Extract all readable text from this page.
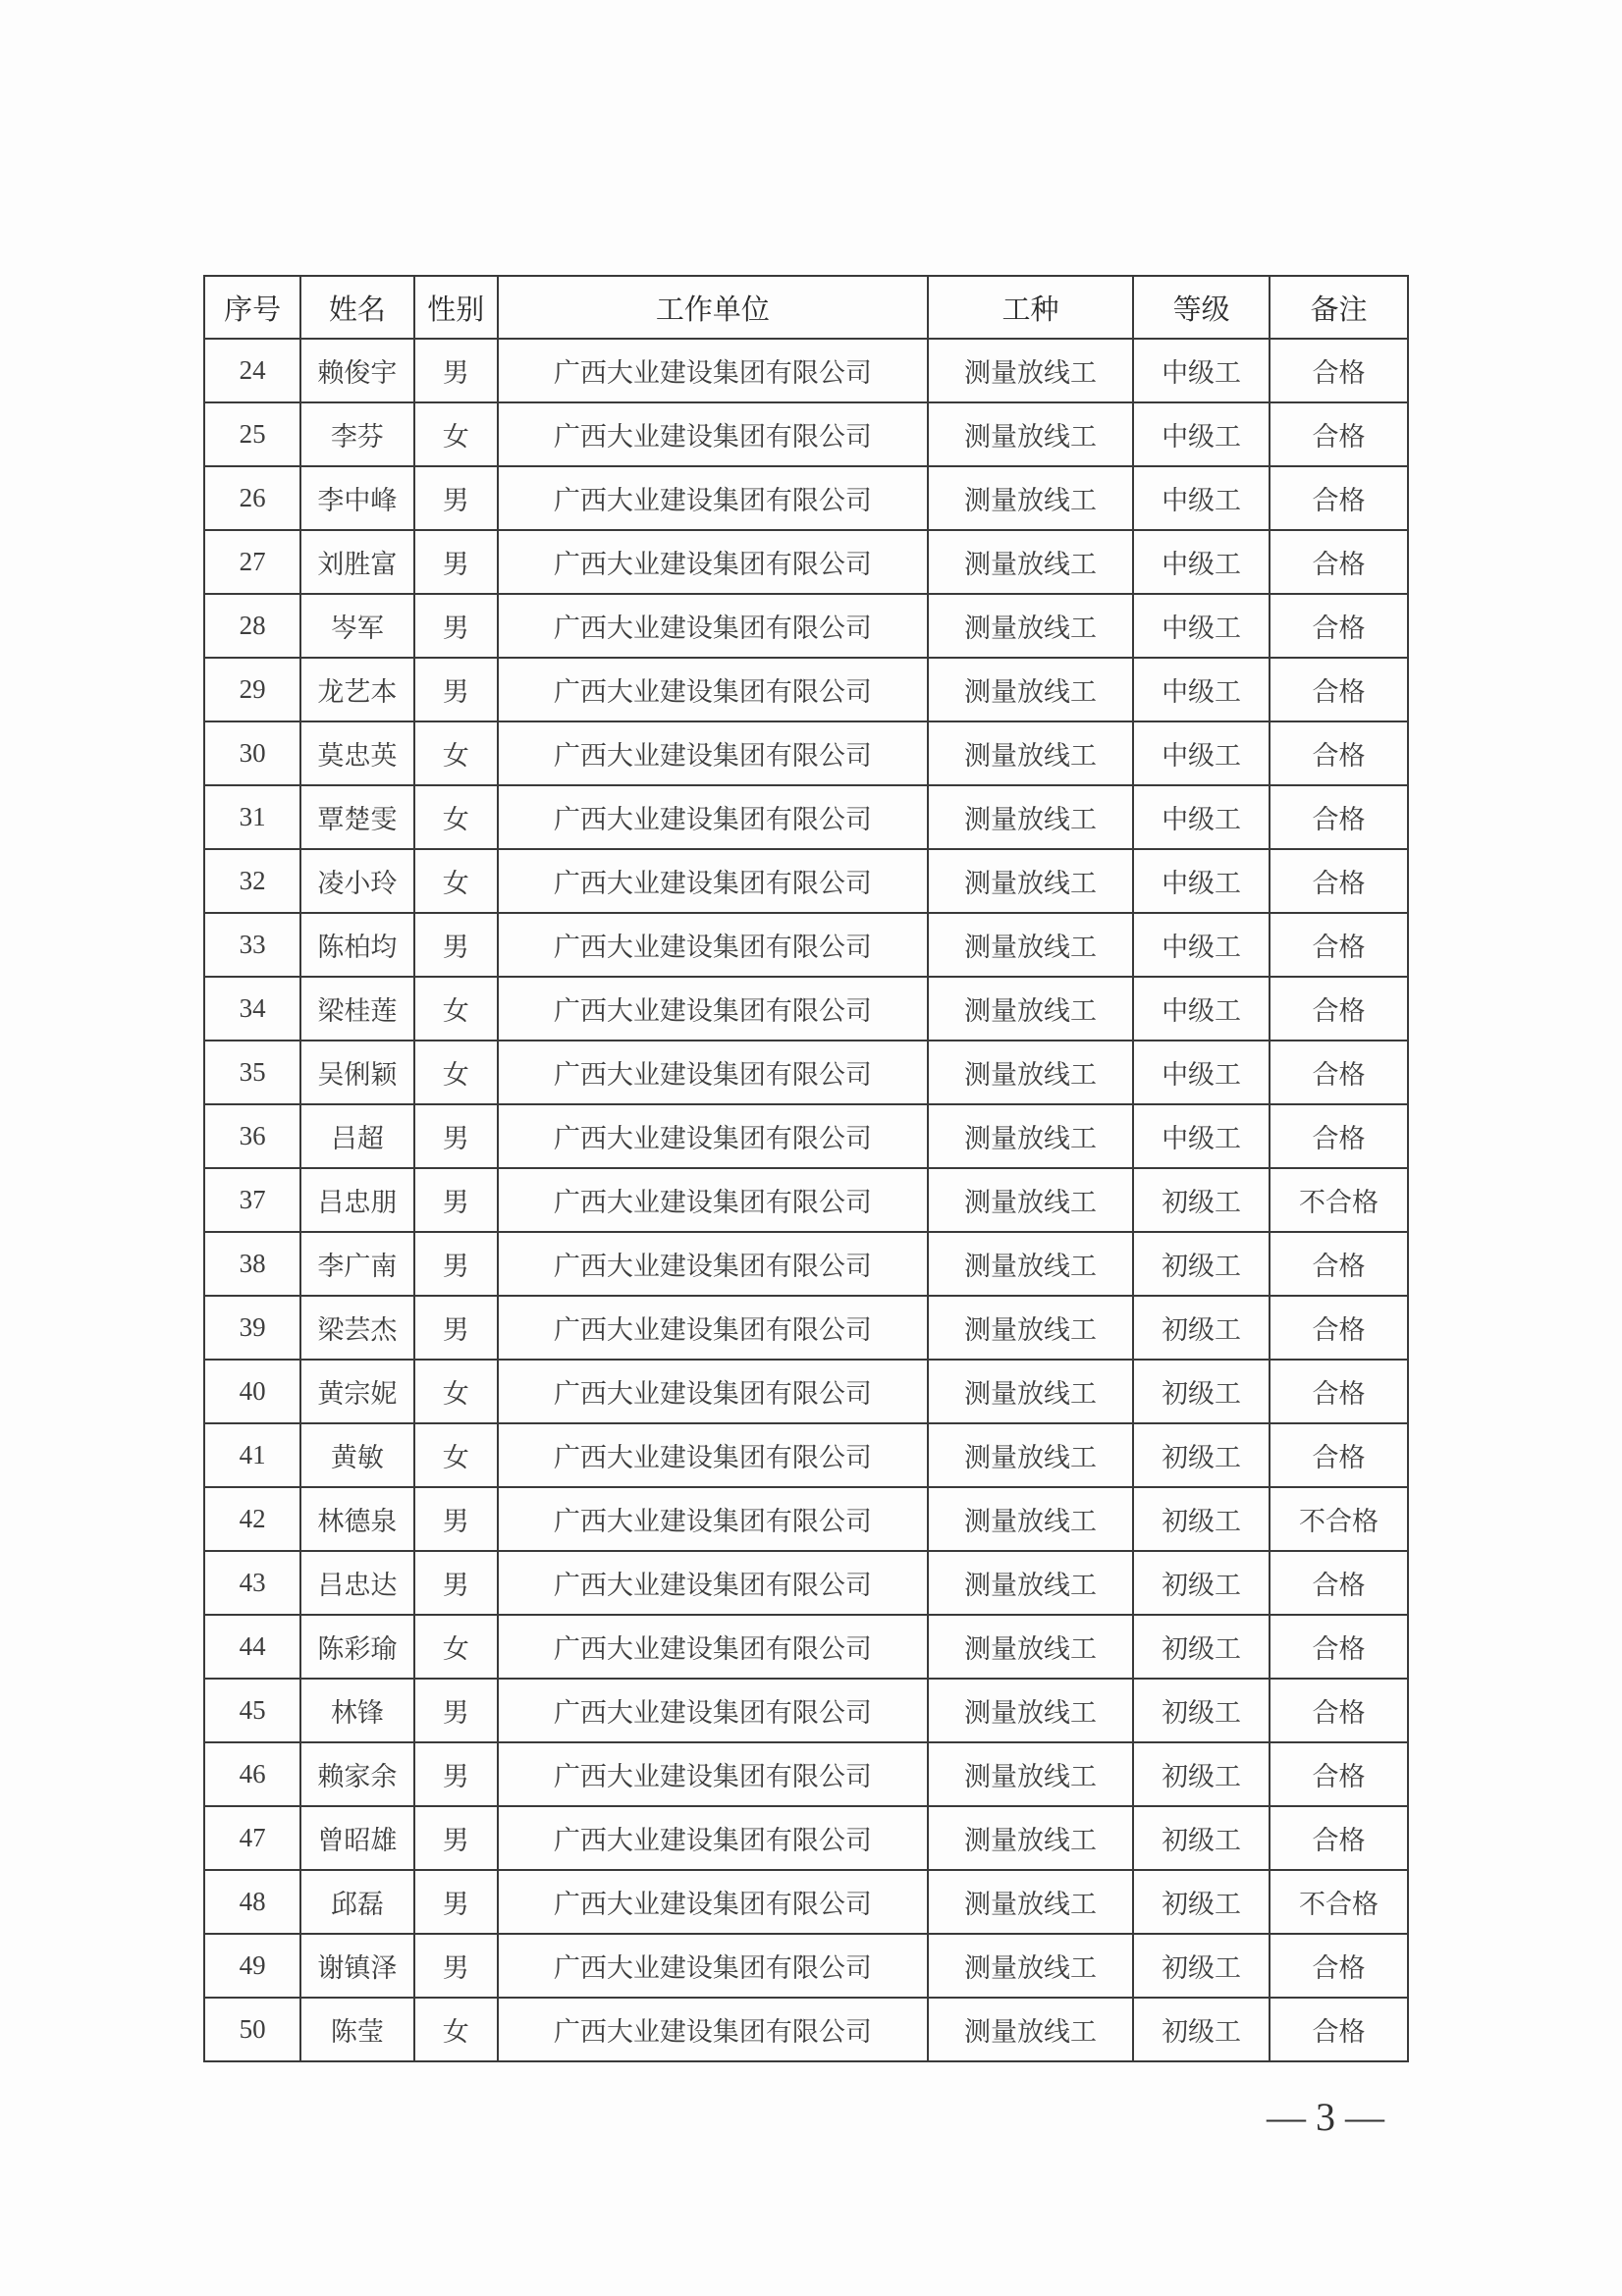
序号	姓名	性别	工作单位	工种	等级	备注
24	赖俊宇	男	广西大业建设集团有限公司	测量放线工	中级工	合格
25	李芬	女	广西大业建设集团有限公司	测量放线工	中级工	合格
26	李中峰	男	广西大业建设集团有限公司	测量放线工	中级工	合格
27	刘胜富	男	广西大业建设集团有限公司	测量放线工	中级工	合格
28	岑军	男	广西大业建设集团有限公司	测量放线工	中级工	合格
29	龙艺本	男	广西大业建设集团有限公司	测量放线工	中级工	合格
30	莫忠英	女	广西大业建设集团有限公司	测量放线工	中级工	合格
31	覃楚雯	女	广西大业建设集团有限公司	测量放线工	中级工	合格
32	凌小玲	女	广西大业建设集团有限公司	测量放线工	中级工	合格
33	陈柏均	男	广西大业建设集团有限公司	测量放线工	中级工	合格
34	梁桂莲	女	广西大业建设集团有限公司	测量放线工	中级工	合格
35	吴俐颖	女	广西大业建设集团有限公司	测量放线工	中级工	合格
36	吕超	男	广西大业建设集团有限公司	测量放线工	中级工	合格
37	吕忠朋	男	广西大业建设集团有限公司	测量放线工	初级工	不合格
38	李广南	男	广西大业建设集团有限公司	测量放线工	初级工	合格
39	梁芸杰	男	广西大业建设集团有限公司	测量放线工	初级工	合格
40	黄宗妮	女	广西大业建设集团有限公司	测量放线工	初级工	合格
41	黄敏	女	广西大业建设集团有限公司	测量放线工	初级工	合格
42	林德泉	男	广西大业建设集团有限公司	测量放线工	初级工	不合格
43	吕忠达	男	广西大业建设集团有限公司	测量放线工	初级工	合格
44	陈彩瑜	女	广西大业建设集团有限公司	测量放线工	初级工	合格
45	林锋	男	广西大业建设集团有限公司	测量放线工	初级工	合格
46	赖家余	男	广西大业建设集团有限公司	测量放线工	初级工	合格
47	曾昭雄	男	广西大业建设集团有限公司	测量放线工	初级工	合格
48	邱磊	男	广西大业建设集团有限公司	测量放线工	初级工	不合格
49	谢镇泽	男	广西大业建设集团有限公司	测量放线工	初级工	合格
50	陈莹	女	广西大业建设集团有限公司	测量放线工	初级工	合格
— 3 —
